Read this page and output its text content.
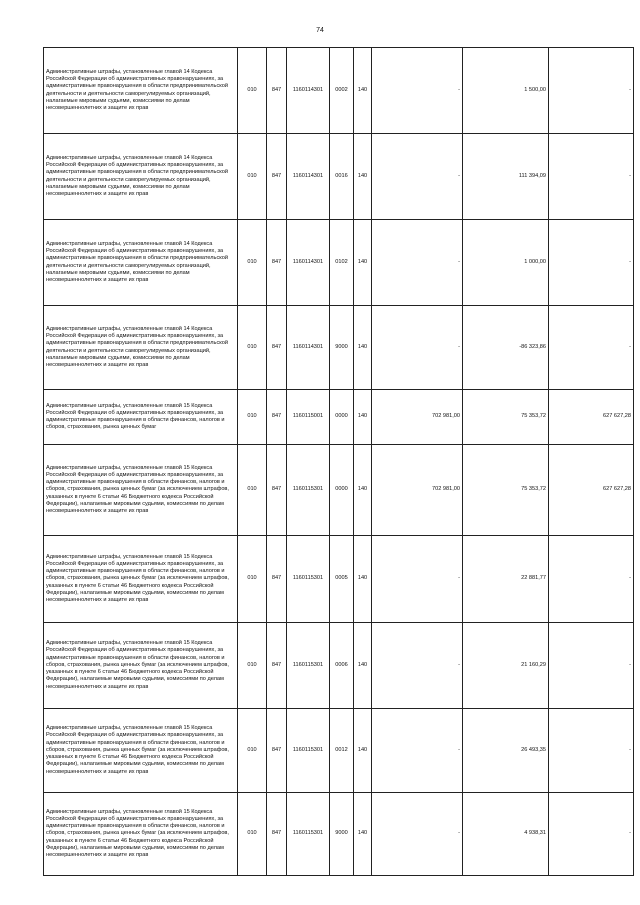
74
Административные штрафы, установленные главой 14 Кодекса Российской Федерации об административных правонарушениях, за административные правонарушения в области предпринимательской деятельности и деятельности саморегулируемых организаций, налагаемые мировыми судьями, комиссиями по делам несовершеннолетних и защите их прав	010	847	1160114301	0002	140	-	1 500,00	-
Административные штрафы, установленные главой 14 Кодекса Российской Федерации об административных правонарушениях, за административные правонарушения в области предпринимательской деятельности и деятельности саморегулируемых организаций, налагаемые мировыми судьями, комиссиями по делам несовершеннолетних и защите их прав	010	847	1160114301	0016	140	-	111 394,09	-
Административные штрафы, установленные главой 14 Кодекса Российской Федерации об административных правонарушениях, за административные правонарушения в области предпринимательской деятельности и деятельности саморегулируемых организаций, налагаемые мировыми судьями, комиссиями по делам несовершеннолетних и защите их прав	010	847	1160114301	0102	140	-	1 000,00	-
Административные штрафы, установленные главой 14 Кодекса Российской Федерации об административных правонарушениях, за административные правонарушения в области предпринимательской деятельности и деятельности саморегулируемых организаций, налагаемые мировыми судьями, комиссиями по делам несовершеннолетних и защите их прав	010	847	1160114301	9000	140	-	-86 323,86	-
Административные штрафы, установленные главой 15 Кодекса Российской Федерации об административных правонарушениях, за административные правонарушения в области финансов, налогов и сборов, страхования, рынка ценных бумаг	010	847	1160115001	0000	140	702 981,00	75 353,72	627 627,28
Административные штрафы, установленные главой 15 Кодекса Российской Федерации об административных правонарушениях, за административные правонарушения в области финансов, налогов и сборов, страхования, рынка ценных бумаг (за исключением штрафов, указанных в пункте 6 статьи 46 Бюджетного кодекса Российской Федерации), налагаемые мировыми судьями, комиссиями по делам несовершеннолетних и защите их прав	010	847	1160115301	0000	140	702 981,00	75 353,72	627 627,28
Административные штрафы, установленные главой 15 Кодекса Российской Федерации об административных правонарушениях, за административные правонарушения в области финансов, налогов и сборов, страхования, рынка ценных бумаг (за исключением штрафов, указанных в пункте 6 статьи 46 Бюджетного кодекса Российской Федерации), налагаемые мировыми судьями, комиссиями по делам несовершеннолетних и защите их прав	010	847	1160115301	0005	140	-	22 881,77	-
Административные штрафы, установленные главой 15 Кодекса Российской Федерации об административных правонарушениях, за административные правонарушения в области финансов, налогов и сборов, страхования, рынка ценных бумаг (за исключением штрафов, указанных в пункте 6 статьи 46 Бюджетного кодекса Российской Федерации), налагаемые мировыми судьями, комиссиями по делам несовершеннолетних и защите их прав	010	847	1160115301	0006	140	-	21 160,29	-
Административные штрафы, установленные главой 15 Кодекса Российской Федерации об административных правонарушениях, за административные правонарушения в области финансов, налогов и сборов, страхования, рынка ценных бумаг (за исключением штрафов, указанных в пункте 6 статьи 46 Бюджетного кодекса Российской Федерации), налагаемые мировыми судьями, комиссиями по делам несовершеннолетних и защите их прав	010	847	1160115301	0012	140	-	26 493,35	-
Административные штрафы, установленные главой 15 Кодекса Российской Федерации об административных правонарушениях, за административные правонарушения в области финансов, налогов и сборов, страхования, рынка ценных бумаг (за исключением штрафов, указанных в пункте 6 статьи 46 Бюджетного кодекса Российской Федерации), налагаемые мировыми судьями, комиссиями по делам несовершеннолетних и защите их прав	010	847	1160115301	9000	140	-	4 938,31	-
